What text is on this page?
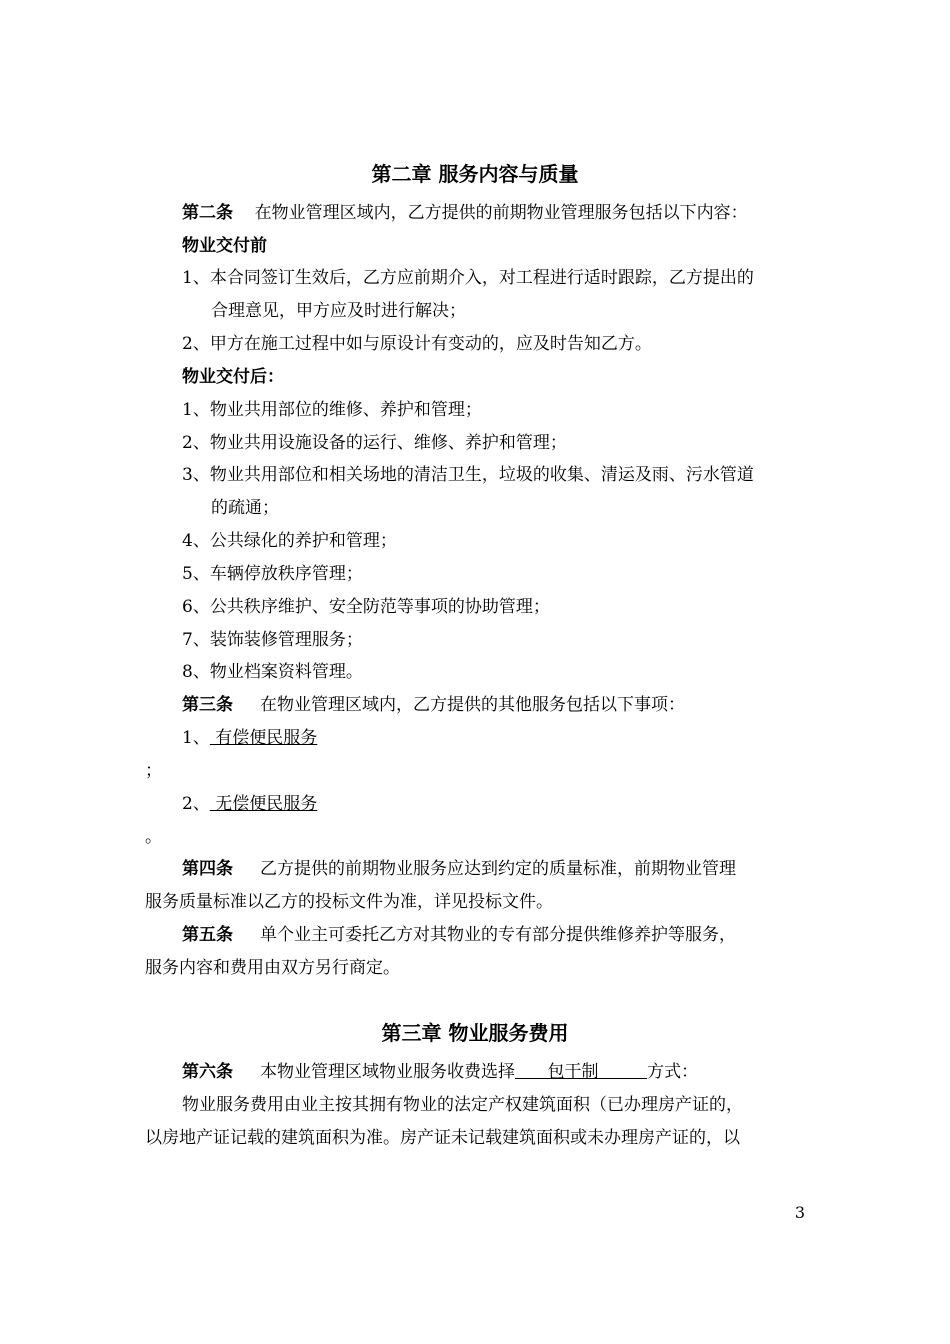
第二章 服务内容与质量
第二条 在物业管理区域内，乙方提供的前期物业管理服务包括以下内容：
物业交付前
1、本合同签订生效后，乙方应前期介入，对工程进行适时跟踪，乙方提出的
合理意见，甲方应及时进行解决；
2、甲方在施工过程中如与原设计有变动的，应及时告知乙方。
物业交付后：
1、物业共用部位的维修、养护和管理；
2、物业共用设施设备的运行、维修、养护和管理；
3、物业共用部位和相关场地的清洁卫生，垃圾的收集、清运及雨、污水管道
的疏通；
4、公共绿化的养护和管理；
5、车辆停放秩序管理；
6、公共秩序维护、安全防范等事项的协助管理；
7、装饰装修管理服务；
8、物业档案资料管理。
第三条 在物业管理区域内，乙方提供的其他服务包括以下事项：
1、 有偿便民服务
；
2、 无偿便民服务
。
第四条 乙方提供的前期物业服务应达到约定的质量标准，前期物业管理
服务质量标准以乙方的投标文件为准，详见投标文件。
第五条 单个业主可委托乙方对其物业的专有部分提供维修养护等服务，
服务内容和费用由双方另行商定。
第三章 物业服务费用
第六条 本物业管理区域物业服务收费选择 包干制	方式：
物业服务费用由业主按其拥有物业的法定产权建筑面积（已办理房产证的，
以房地产证记载的建筑面积为准。房产证未记载建筑面积或未办理房产证的，以
3
